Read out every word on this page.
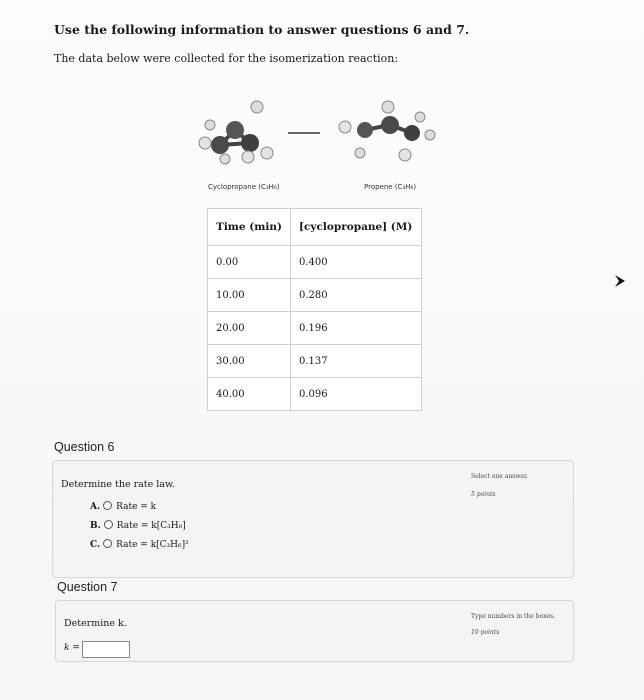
Use the following information to answer questions 6 and 7.
The data below were collected for the isomerization reaction:
Cyclopropane (C₃H₆)	Propene (C₃H₆)
Time (min)	[cyclopropane] (M)
0.00	0.400
10.00	0.280
20.00	0.196
30.00	0.137
40.00	0.096
Question 6
Determine the rate law.
Select one answer.
5 points
A. Rate = k
B. Rate = k[C₃H₆]
C. Rate = k[C₃H₆]²
Question 7
Determine k.
Type numbers in the boxes.
10 points
k =
